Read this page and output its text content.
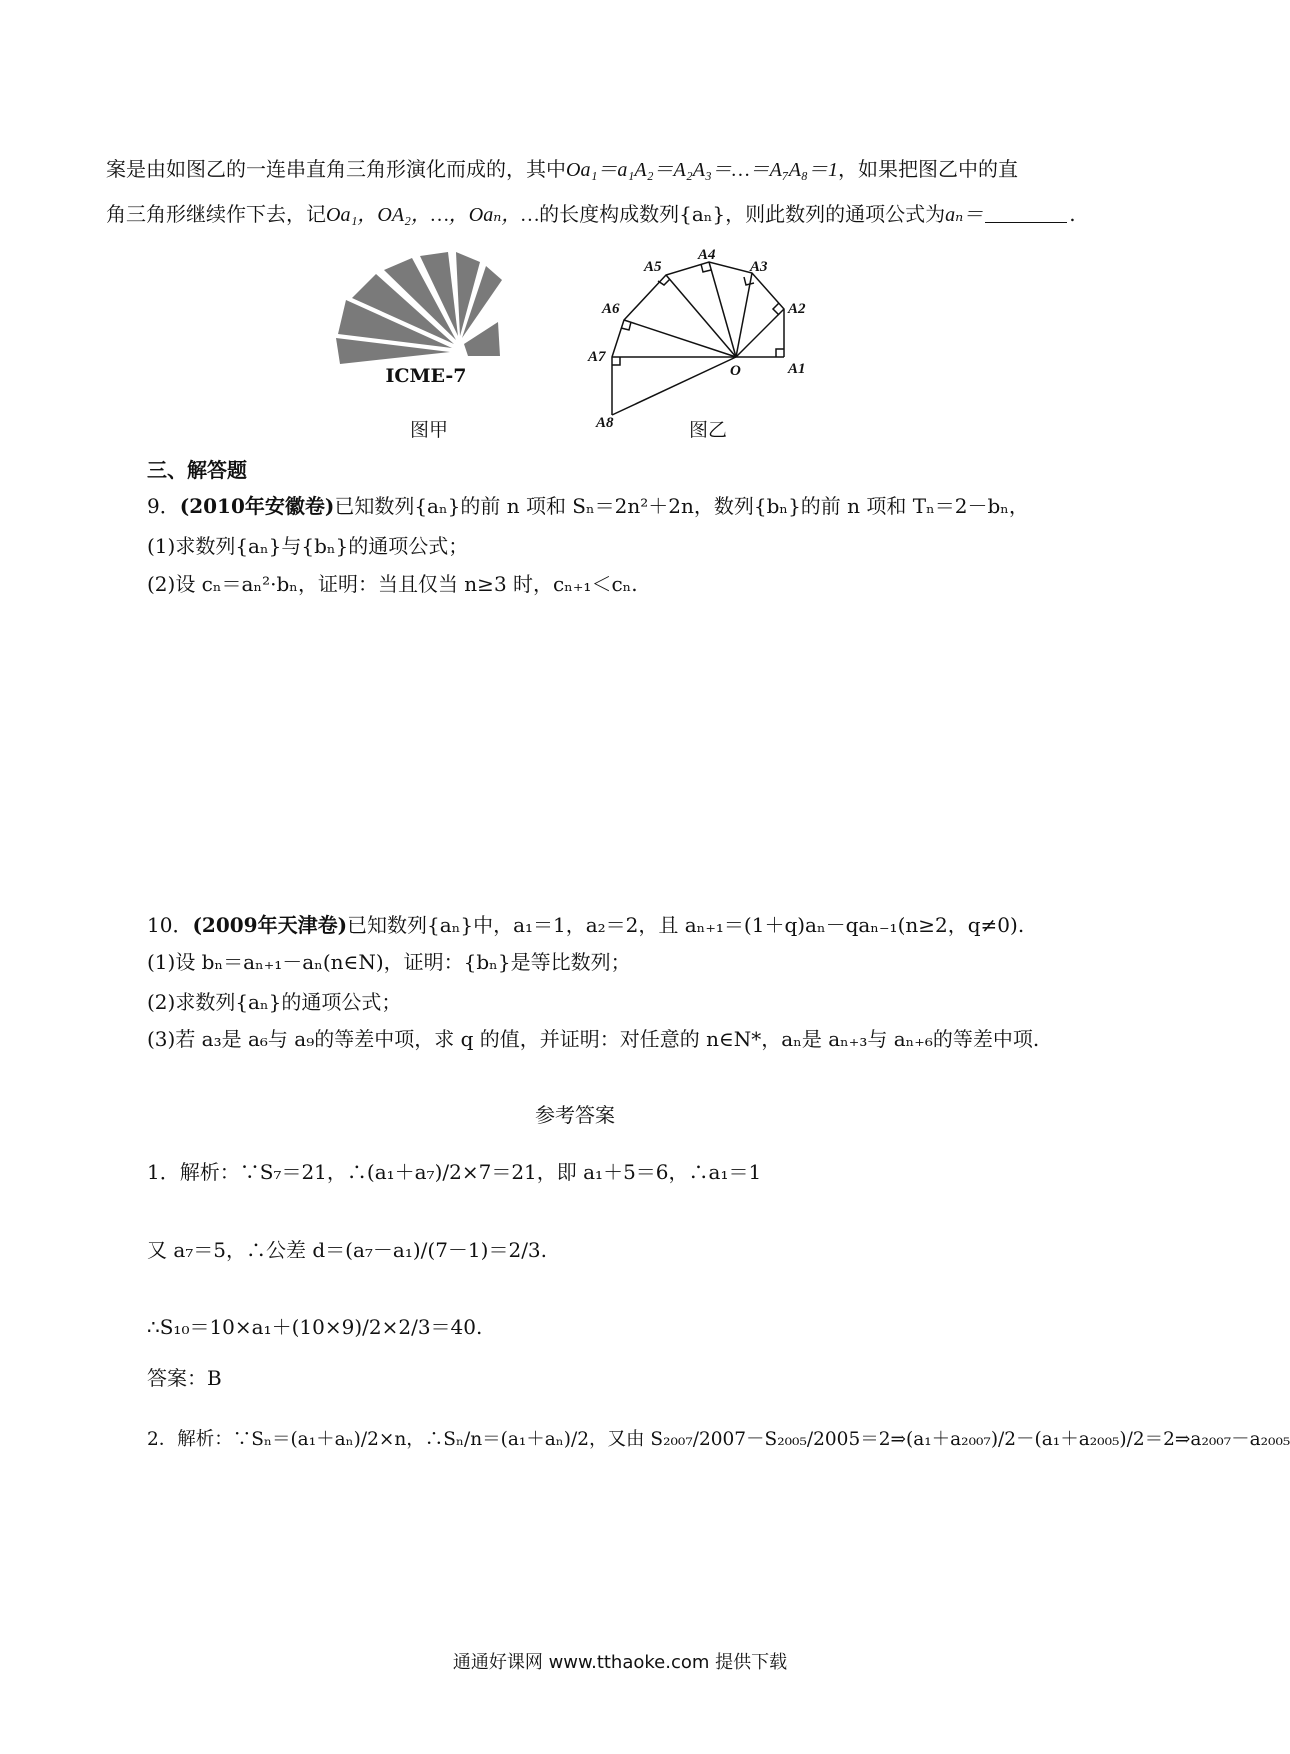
案是由如图乙的一连串直角三角形演化而成的，其中Oa₁＝a₁A₂＝A₂A₃＝…＝A₇A₈＝1，如果把图乙中的直
角三角形继续作下去，记Oa₁，OA₂，…，Oaₙ，…的长度构成数列{aₙ}，则此数列的通项公式为aₙ＝	.
ICME-7
图甲
A1
A2
A3
A4
A5
A6
A7
A8
O
图乙
三、解答题
9．(2010年安徽卷)已知数列{aₙ}的前 n 项和 Sₙ＝2n²＋2n，数列{bₙ}的前 n 项和 Tₙ＝2－bₙ，
(1)求数列{aₙ}与{bₙ}的通项公式；
(2)设 cₙ＝aₙ²·bₙ，证明：当且仅当 n≥3 时，cₙ₊₁＜cₙ.
10．(2009年天津卷)已知数列{aₙ}中，a₁＝1，a₂＝2，且 aₙ₊₁＝(1＋q)aₙ－qaₙ₋₁(n≥2，q≠0).
(1)设 bₙ＝aₙ₊₁－aₙ(n∈N)，证明：{bₙ}是等比数列；
(2)求数列{aₙ}的通项公式；
(3)若 a₃是 a₆与 a₉的等差中项，求 q 的值，并证明：对任意的 n∈N*，aₙ是 aₙ₊₃与 aₙ₊₆的等差中项.
参考答案
1．解析：∵S₇＝21，∴(a₁＋a₇)/2×7＝21，即 a₁＋5＝6，∴a₁＝1
又 a₇＝5，∴公差 d＝(a₇－a₁)/(7－1)＝2/3.
∴S₁₀＝10×a₁＋(10×9)/2×2/3＝40.
答案：B
2．解析：∵Sₙ＝(a₁＋aₙ)/2×n，∴Sₙ/n＝(a₁＋aₙ)/2，又由 S₂₀₀₇/2007－S₂₀₀₅/2005＝2⇒(a₁＋a₂₀₀₇)/2－(a₁＋a₂₀₀₅)/2＝2⇒a₂₀₀₇－a₂₀₀₅
通通好课网 www.tthaoke.com 提供下载
